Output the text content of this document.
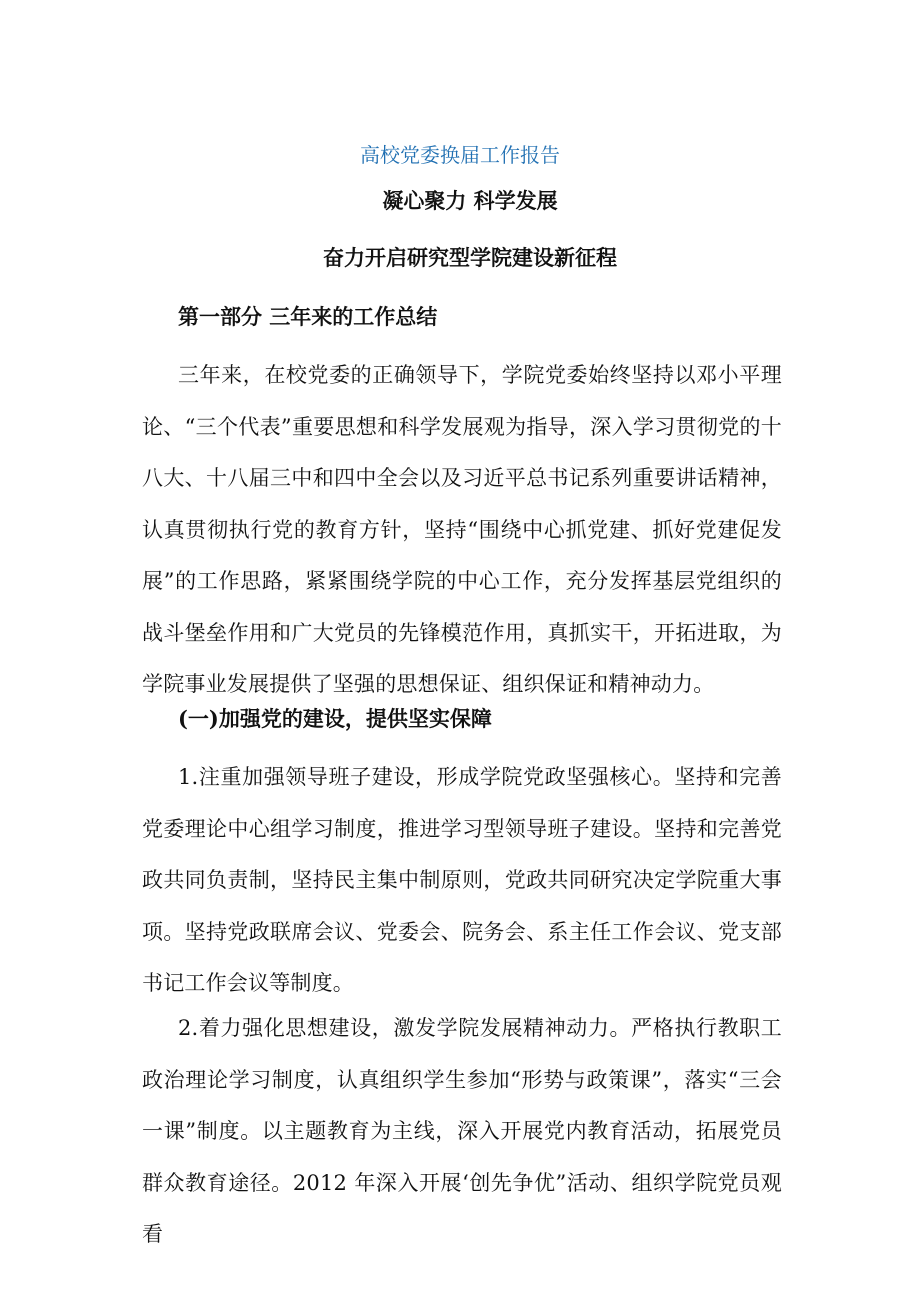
高校党委换届工作报告
凝心聚力 科学发展
奋力开启研究型学院建设新征程
第一部分 三年来的工作总结

三年来，在校党委的正确领导下，学院党委始终坚持以邓小平理论、“三个代表”重要思想和科学发展观为指导，深入学习贯彻党的十八大、十八届三中和四中全会以及习近平总书记系列重要讲话精神，认真贯彻执行党的教育方针，坚持“围绕中心抓党建、抓好党建促发展”的工作思路，紧紧围绕学院的中心工作，充分发挥基层党组织的战斗堡垒作用和广大党员的先锋模范作用，真抓实干，开拓进取，为学院事业发展提供了坚强的思想保证、组织保证和精神动力。

(一)加强党的建设，提供坚实保障

1.注重加强领导班子建设，形成学院党政坚强核心。坚持和完善党委理论中心组学习制度，推进学习型领导班子建设。坚持和完善党政共同负责制，坚持民主集中制原则，党政共同研究决定学院重大事项。坚持党政联席会议、党委会、院务会、系主任工作会议、党支部书记工作会议等制度。

2.着力强化思想建设，激发学院发展精神动力。严格执行教职工政治理论学习制度，认真组织学生参加“形势与政策课”，落实“三会一课”制度。以主题教育为主线，深入开展党内教育活动，拓展党员群众教育途径。2012 年深入开展‘创先争优”活动、组织学院党员观看
